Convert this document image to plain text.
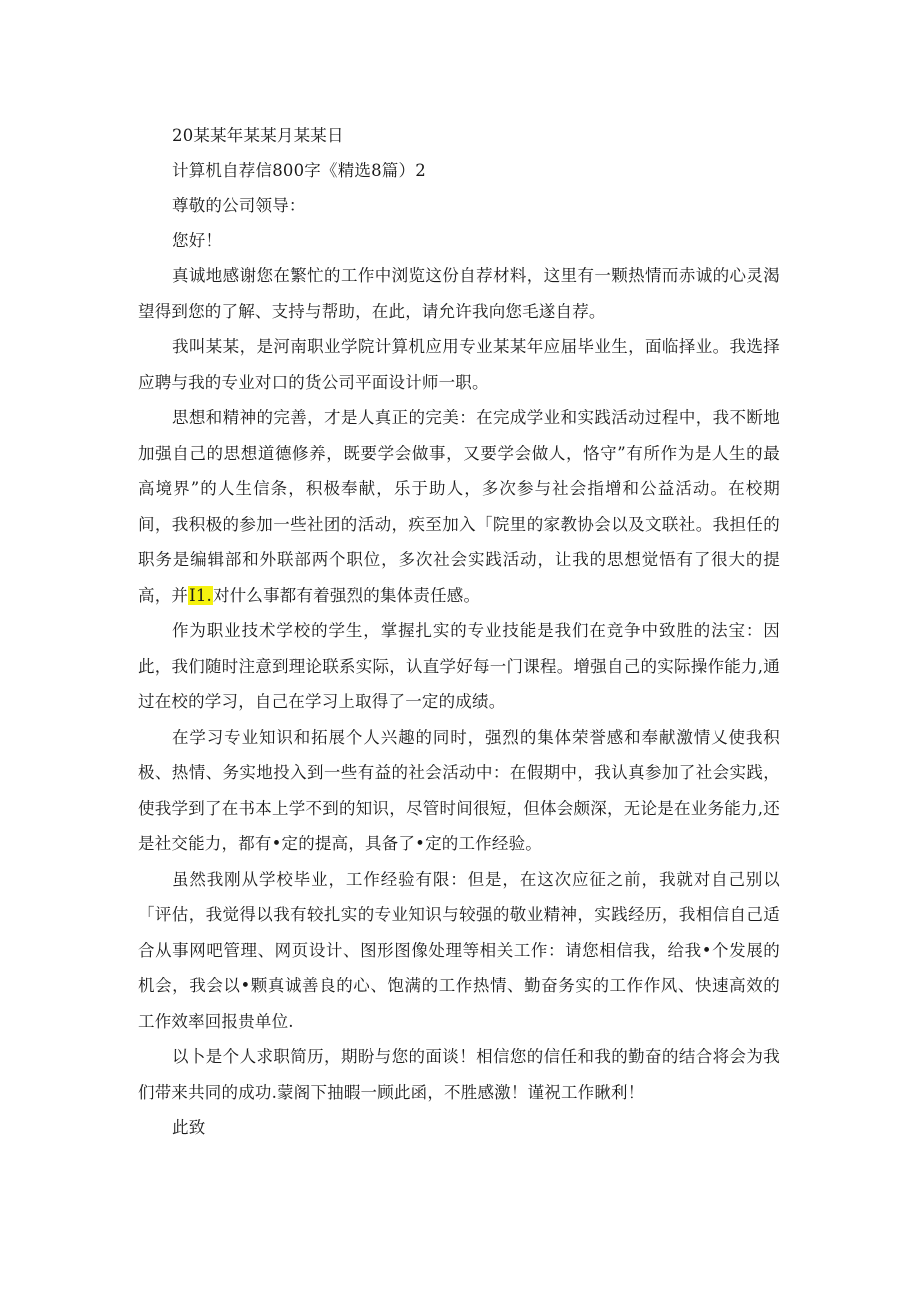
20某某年某某月某某日
计算机自荐信800字《精选8篇）2
尊敬的公司领导：
您好！

真诚地感谢您在繁忙的工作中浏览这份自荐材料，这里有一颗热情而赤诚的心灵渴望得到您的了解、支持与帮助，在此，请允许我向您毛遂自荐。

我叫某某，是河南职业学院计算机应用专业某某年应届毕业生，面临择业。我选择应聘与我的专业对口的货公司平面设计师一职。

思想和精神的完善，才是人真正的完美：在完成学业和实践活动过程中，我不断地加强自己的思想道德修养，既要学会做事，又要学会做人，恪守”有所作为是人生的最高境界”的人生信条，积极奉献，乐于助人，多次参与社会指增和公益活动。在校期间，我积极的参加一些社团的活动，疾至加入「院里的家教协会以及文联社。我担任的职务是编辑部和外联部两个职位，多次社会实践活动，让我的思想觉悟有了很大的提高，并I1.对什么事都有着强烈的集体责任感。

作为职业技术学校的学生，掌握扎实的专业技能是我们在竞争中致胜的法宝：因此，我们随时注意到理论联系实际，认直学好每一门课程。增强自己的实际操作能力,通过在校的学习，自己在学习上取得了一定的成绩。

在学习专业知识和拓展个人兴趣的同时，强烈的集体荣誉感和奉献激情乂使我积极、热情、务实地投入到一些有益的社会活动中：在假期中，我认真参加了社会实践，使我学到了在书本上学不到的知识，尽管时间很短，但体会颇深，无论是在业务能力,还是社交能力，都有•定的提高，具备了•定的工作经验。

虽然我刚从学校毕业，工作经验有限：但是，在这次应征之前，我就对自己别以「评估，我觉得以我有较扎实的专业知识与较强的敬业精神，实践经历，我相信自己适合从事网吧管理、网页设计、图形图像处理等相关工作：请您相信我，给我•个发展的机会，我会以•颗真诚善良的心、饱满的工作热情、勤奋务实的工作作风、快速高效的工作效率回报贵单位.

以卜是个人求职简历，期盼与您的面谈！相信您的信任和我的勤奋的结合将会为我们带来共同的成功.蒙阁下抽暇一顾此函，不胜感激！谨祝工作瞅利！

此致
